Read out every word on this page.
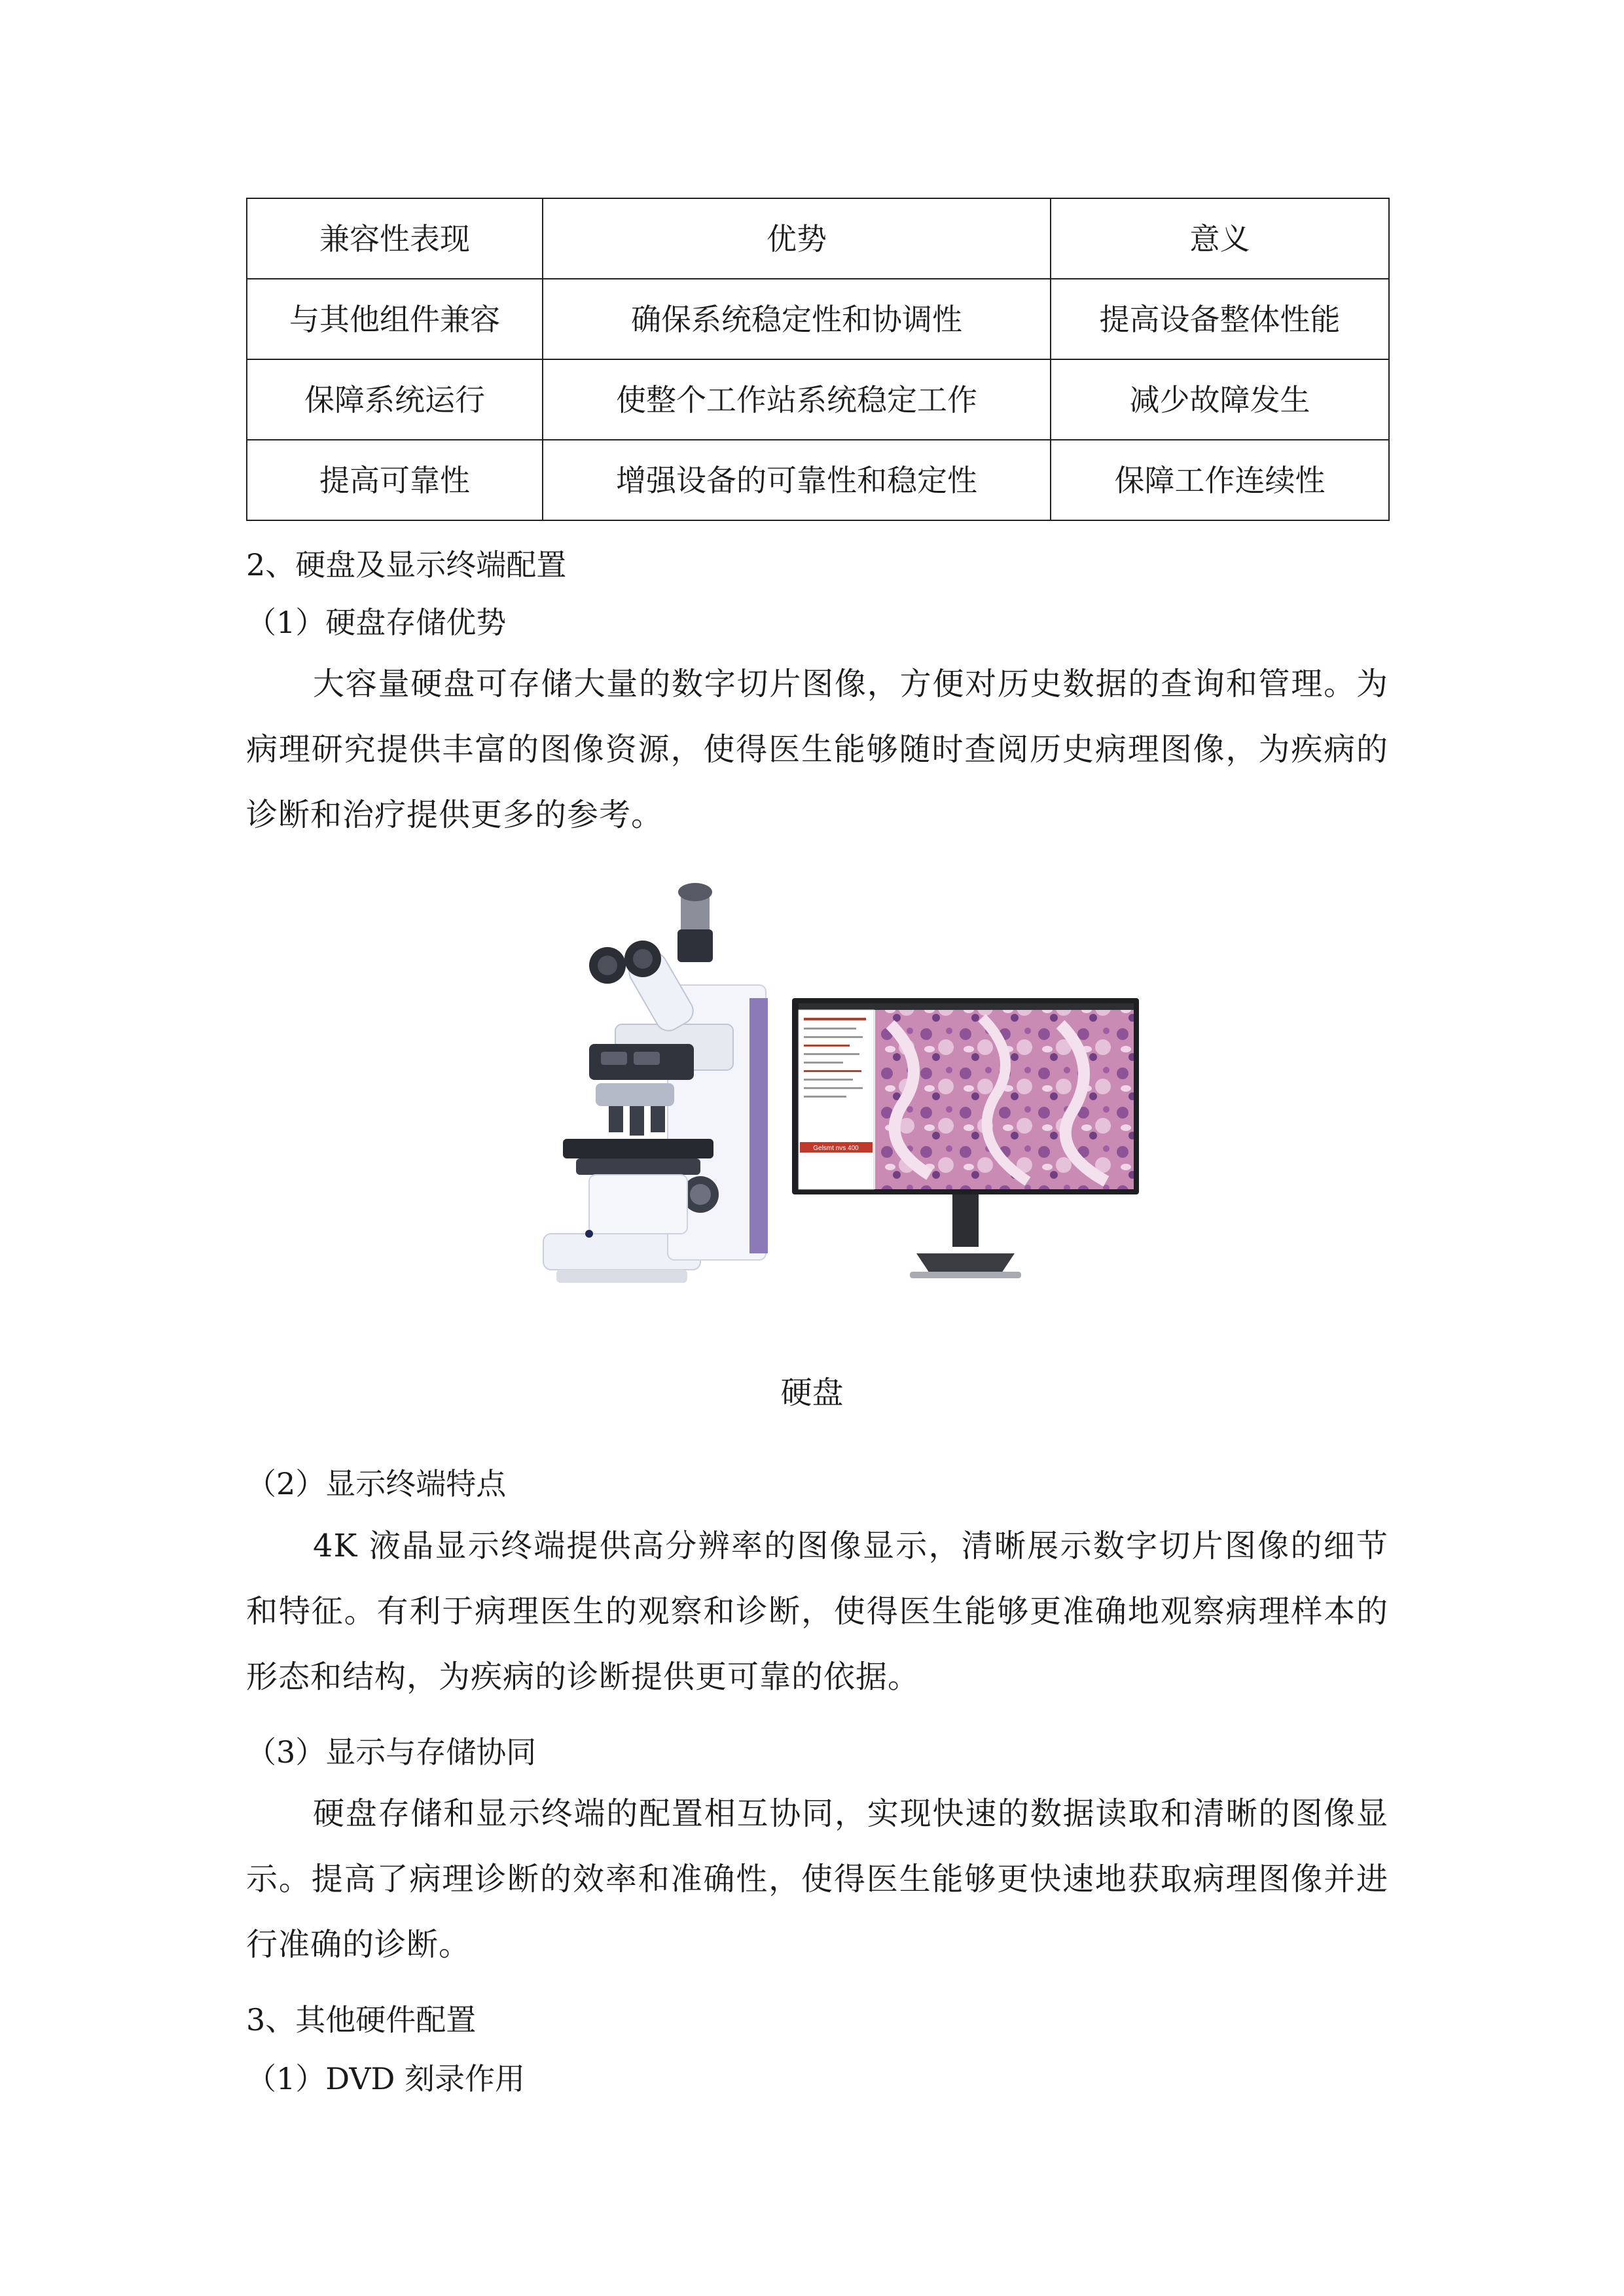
兼容性表现	优势	意义
与其他组件兼容	确保系统稳定性和协调性	提高设备整体性能
保障系统运行	使整个工作站系统稳定工作	减少故障发生
提高可靠性	增强设备的可靠性和稳定性	保障工作连续性
2、硬盘及显示终端配置
（1）硬盘存储优势
大容量硬盘可存储大量的数字切片图像，方便对历史数据的查询和管理。为病理研究提供丰富的图像资源，使得医生能够随时查阅历史病理图像，为疾病的诊断和治疗提供更多的参考。
Gelsmt nvs 400
硬盘
（2）显示终端特点
4K 液晶显示终端提供高分辨率的图像显示，清晰展示数字切片图像的细节和特征。有利于病理医生的观察和诊断，使得医生能够更准确地观察病理样本的形态和结构，为疾病的诊断提供更可靠的依据。
（3）显示与存储协同
硬盘存储和显示终端的配置相互协同，实现快速的数据读取和清晰的图像显示。提高了病理诊断的效率和准确性，使得医生能够更快速地获取病理图像并进行准确的诊断。
3、其他硬件配置
（1）DVD 刻录作用
